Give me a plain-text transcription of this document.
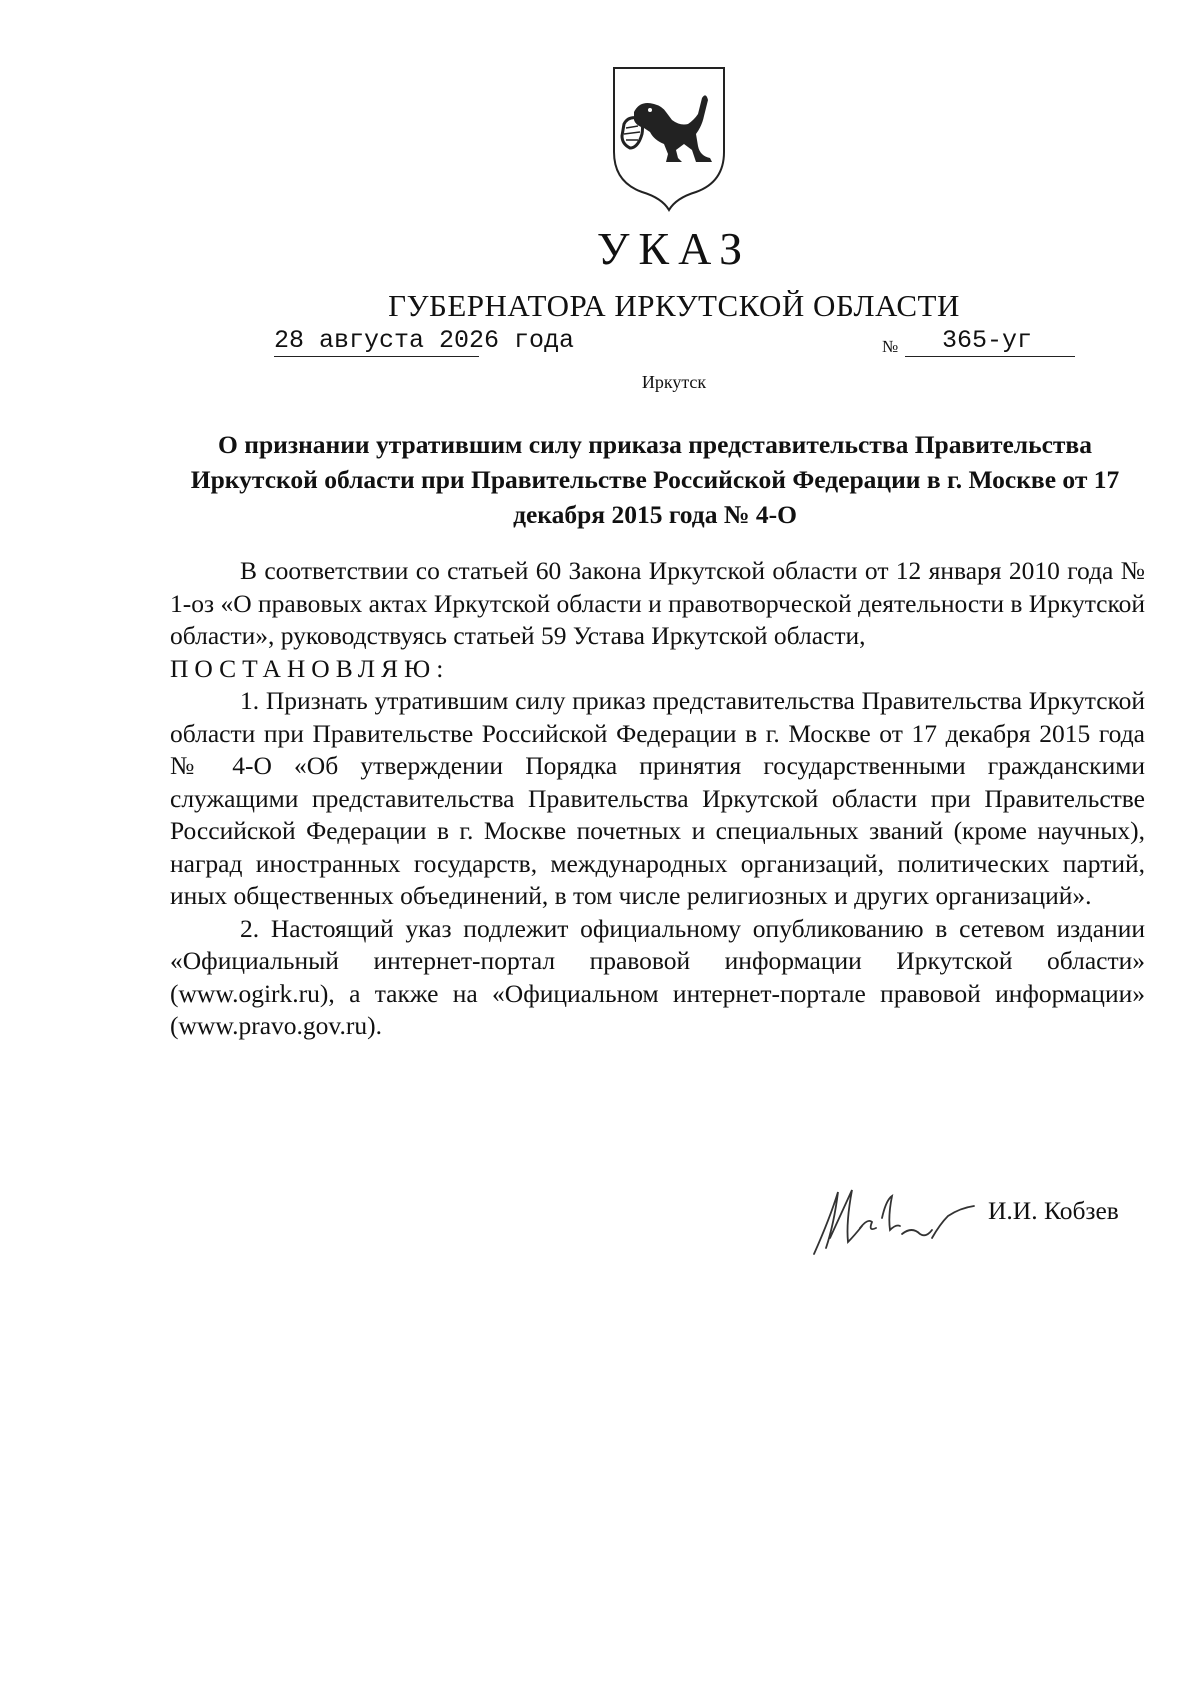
УКАЗ
ГУБЕРНАТОРА ИРКУТСКОЙ ОБЛАСТИ
28 августа 2026 года	№ 365-уг
Иркутск
О признании утратившим силу приказа представительства Правительства Иркутской области при Правительстве Российской Федерации в г. Москве от 17 декабря 2015 года № 4-О

В соответствии со статьей 60 Закона Иркутской области от 12 января 2010 года № 1-оз «О правовых актах Иркутской области и правотворческой деятельности в Иркутской области», руководствуясь статьей 59 Устава Иркутской области,

ПОСТАНОВЛЯЮ:

1. Признать утратившим силу приказ представительства Правительства Иркутской области при Правительстве Российской Федерации в г. Москве от 17 декабря 2015 года № 4-О «Об утверждении Порядка принятия государственными гражданскими служащими представительства Правительства Иркутской области при Правительстве Российской Федерации в г. Москве почетных и специальных званий (кроме научных), наград иностранных государств, международных организаций, политических партий, иных общественных объединений, в том числе религиозных и других организаций».

2. Настоящий указ подлежит официальному опубликованию в сетевом издании «Официальный интернет-портал правовой информации Иркутской области» (www.ogirk.ru), а также на «Официальном интернет-портале правовой информации» (www.pravo.gov.ru).

И.И. Кобзев
